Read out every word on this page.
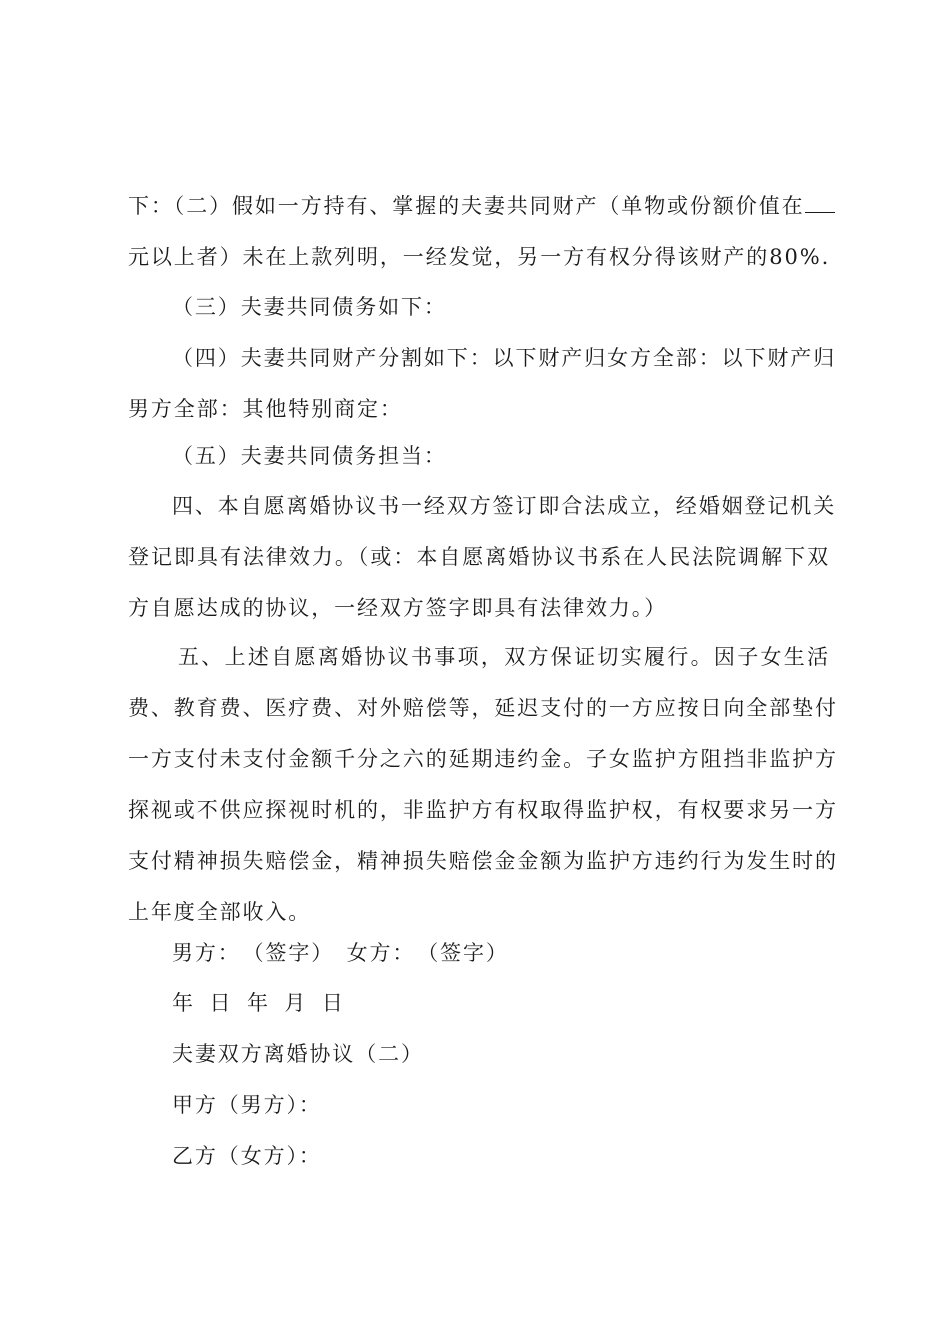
下：（二）假如一方持有、掌握的夫妻共同财产（单物或份额价值在
元以上者）未在上款列明，一经发觉，另一方有权分得该财产的80%.

（三）夫妻共同债务如下：

（四）夫妻共同财产分割如下：以下财产归女方全部：以下财产归
男方全部：其他特别商定：

（五）夫妻共同债务担当：

四、本自愿离婚协议书一经双方签订即合法成立，经婚姻登记机关
登记即具有法律效力。（或：本自愿离婚协议书系在人民法院调解下双
方自愿达成的协议，一经双方签字即具有法律效力。）

五、上述自愿离婚协议书事项，双方保证切实履行。因子女生活
费、教育费、医疗费、对外赔偿等，延迟支付的一方应按日向全部垫付
一方支付未支付金额千分之六的延期违约金。子女监护方阻挡非监护方
探视或不供应探视时机的，非监护方有权取得监护权，有权要求另一方
支付精神损失赔偿金，精神损失赔偿金金额为监护方违约行为发生时的
上年度全部收入。

男方：　（签字）　女方：　（签字）

年 日 年 月 日

夫妻双方离婚协议（二）

甲方（男方）：

乙方（女方）：
